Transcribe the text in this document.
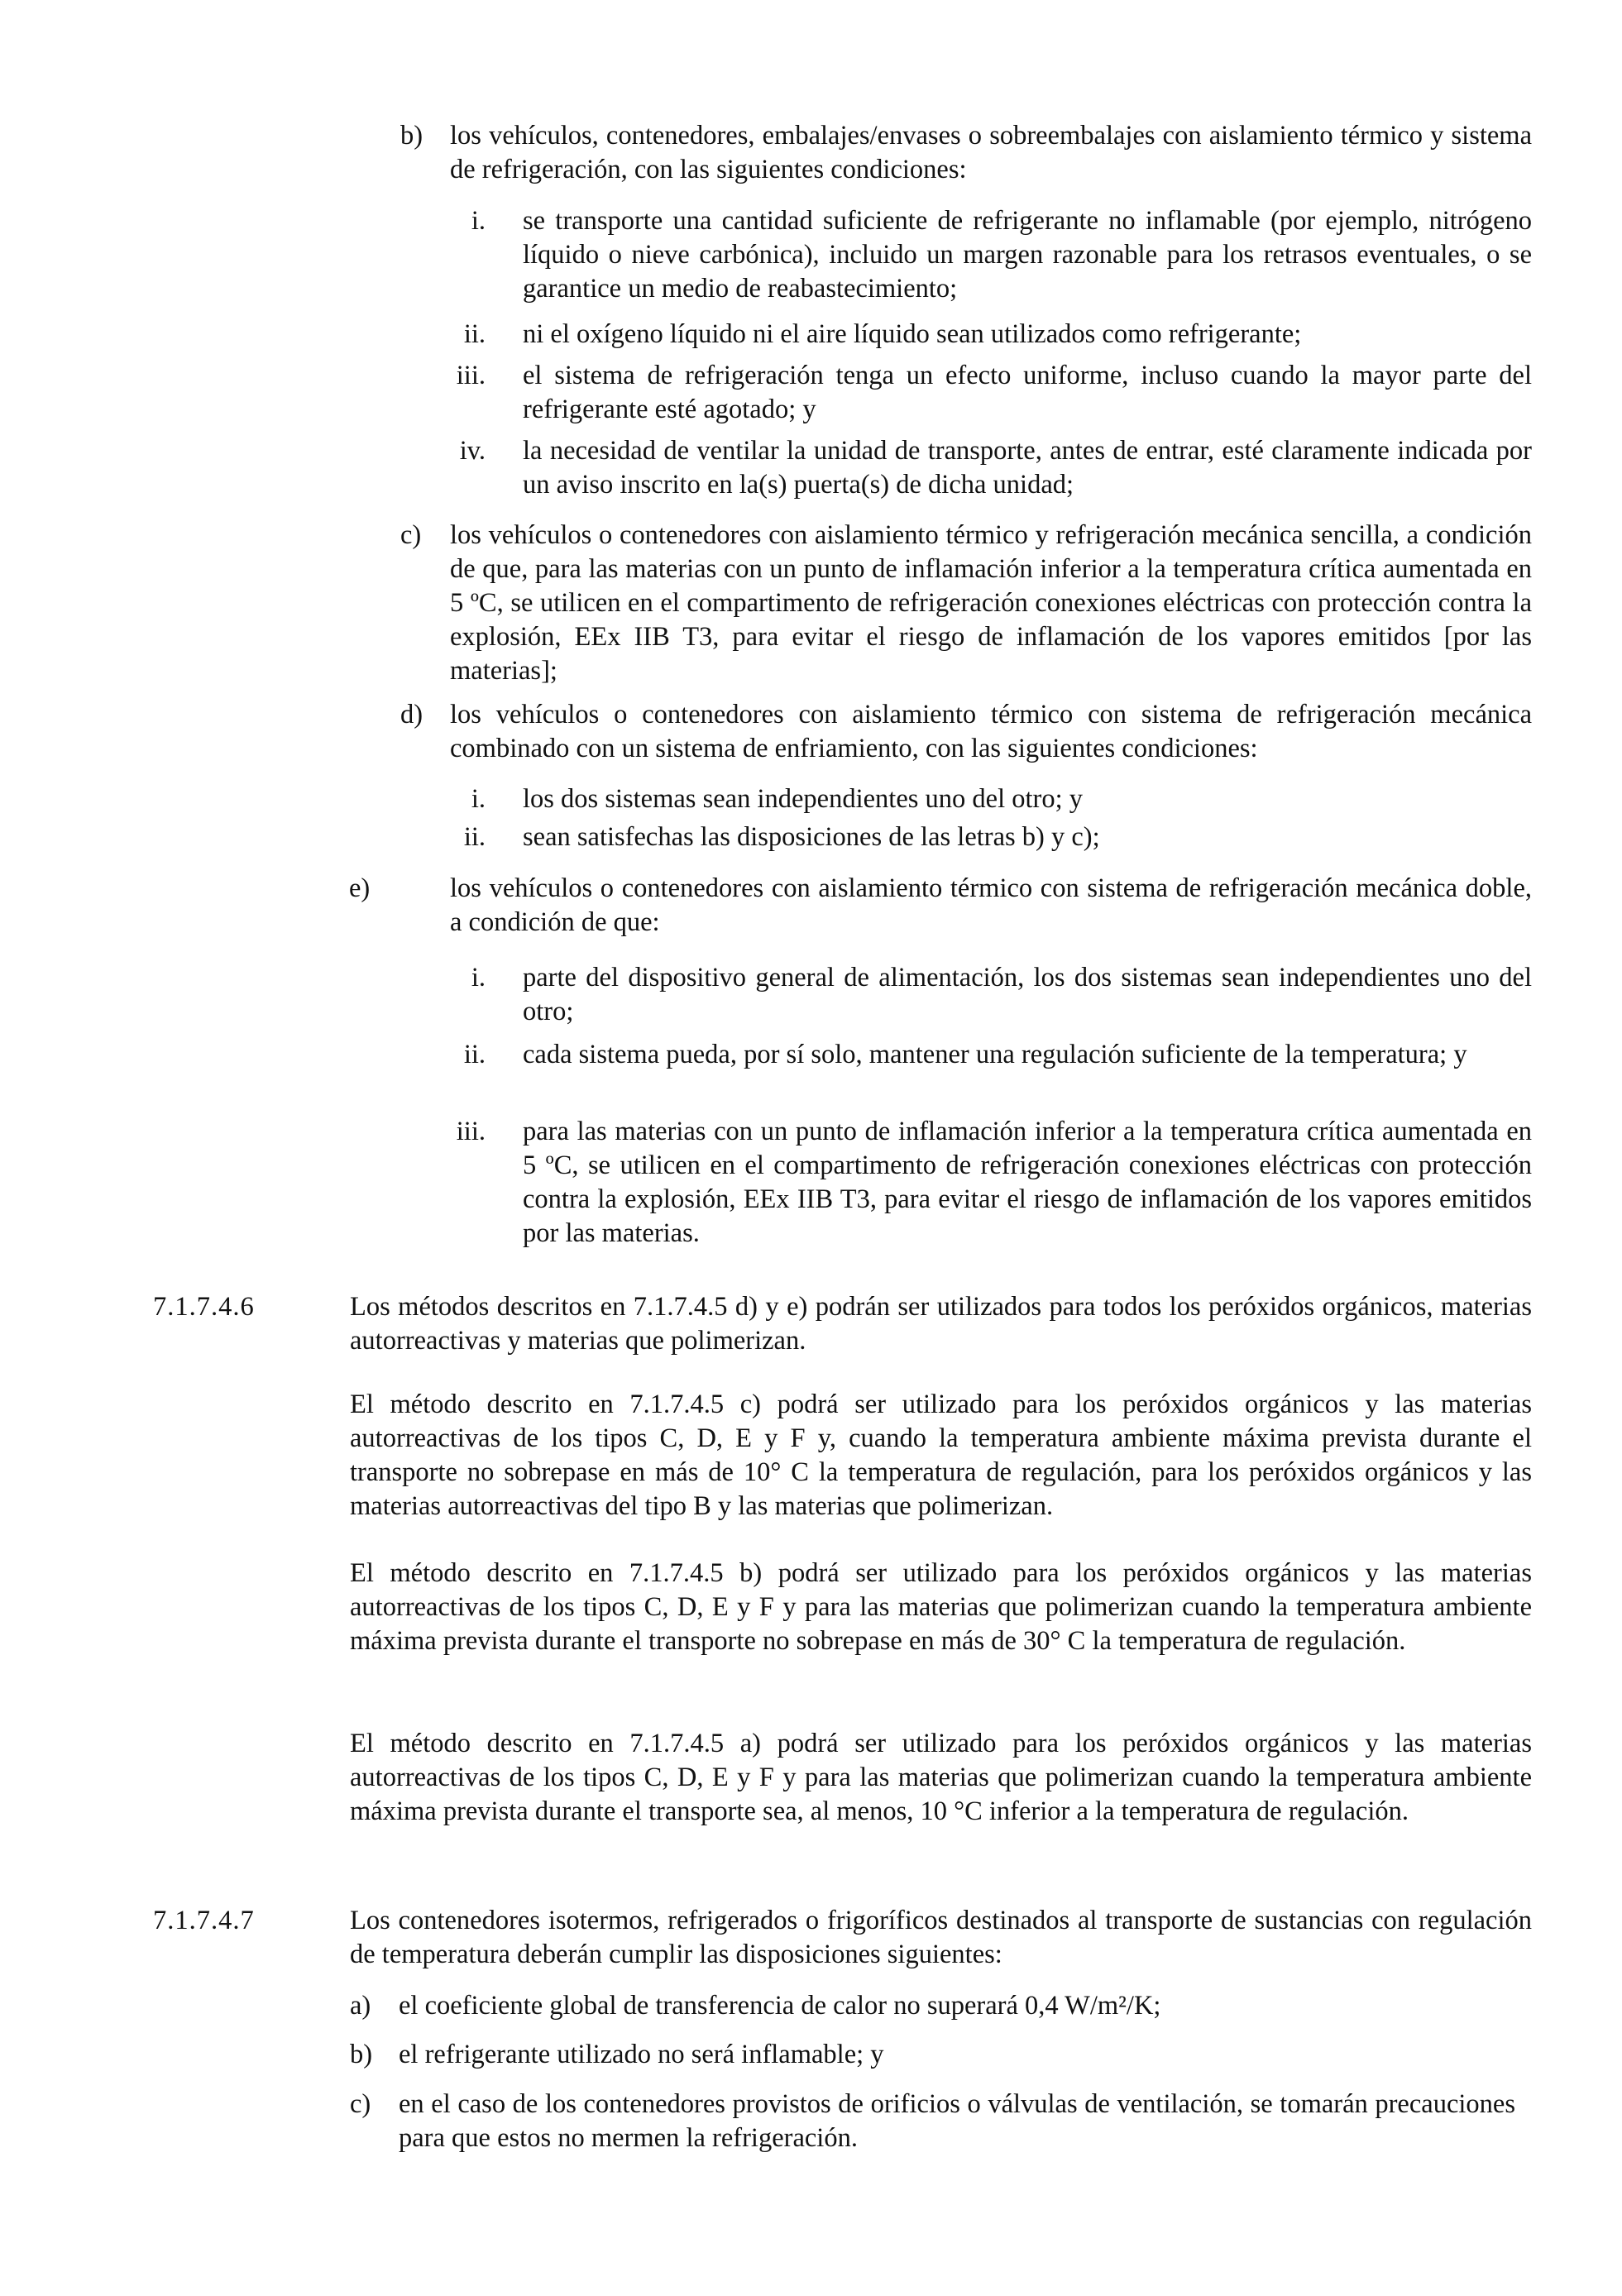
b) los vehículos, contenedores, embalajes/envases o sobreembalajes con aislamiento térmico y sistema de refrigeración, con las siguientes condiciones:
i. se transporte una cantidad suficiente de refrigerante no inflamable (por ejemplo, nitrógeno líquido o nieve carbónica), incluido un margen razonable para los retrasos eventuales, o se garantice un medio de reabastecimiento;
ii. ni el oxígeno líquido ni el aire líquido sean utilizados como refrigerante;
iii. el sistema de refrigeración tenga un efecto uniforme, incluso cuando la mayor parte del refrigerante esté agotado; y
iv. la necesidad de ventilar la unidad de transporte, antes de entrar, esté claramente indicada por un aviso inscrito en la(s) puerta(s) de dicha unidad;
c) los vehículos o contenedores con aislamiento térmico y refrigeración mecánica sencilla, a condición de que, para las materias con un punto de inflamación inferior a la temperatura crítica aumentada en 5 ºC, se utilicen en el compartimento de refrigeración conexiones eléctricas con protección contra la explosión, EEx IIB T3, para evitar el riesgo de inflamación de los vapores emitidos [por las materias];
d) los vehículos o contenedores con aislamiento térmico con sistema de refrigeración mecánica combinado con un sistema de enfriamiento, con las siguientes condiciones:
i. los dos sistemas sean independientes uno del otro; y
ii. sean satisfechas las disposiciones de las letras b) y c);
e)	los vehículos o contenedores con aislamiento térmico con sistema de refrigeración mecánica doble, a condición de que:
i. parte del dispositivo general de alimentación, los dos sistemas sean independientes uno del otro;
ii. cada sistema pueda, por sí solo, mantener una regulación suficiente de la temperatura; y
iii. para las materias con un punto de inflamación inferior a la temperatura crítica aumentada en 5 ºC, se utilicen en el compartimento de refrigeración conexiones eléctricas con protección contra la explosión, EEx IIB T3, para evitar el riesgo de inflamación de los vapores emitidos por las materias.
7.1.7.4.6	Los métodos descritos en 7.1.7.4.5 d) y e) podrán ser utilizados para todos los peróxidos orgánicos, materias autorreactivas y materias que polimerizan.
El método descrito en 7.1.7.4.5 c) podrá ser utilizado para los peróxidos orgánicos y las materias autorreactivas de los tipos C, D, E y F y, cuando la temperatura ambiente máxima prevista durante el transporte no sobrepase en más de 10° C la temperatura de regulación, para los peróxidos orgánicos y las materias autorreactivas del tipo B y las materias que polimerizan.
El método descrito en 7.1.7.4.5 b) podrá ser utilizado para los peróxidos orgánicos y las materias autorreactivas de los tipos C, D, E y F y para las materias que polimerizan cuando la temperatura ambiente máxima prevista durante el transporte no sobrepase en más de 30° C la temperatura de regulación.
El método descrito en 7.1.7.4.5 a) podrá ser utilizado para los peróxidos orgánicos y las materias autorreactivas de los tipos C, D, E y F y para las materias que polimerizan cuando la temperatura ambiente máxima prevista durante el transporte sea, al menos, 10 °C inferior a la temperatura de regulación.
7.1.7.4.7	Los contenedores isotermos, refrigerados o frigoríficos destinados al transporte de sustancias con regulación de temperatura deberán cumplir las disposiciones siguientes:
a) el coeficiente global de transferencia de calor no superará 0,4 W/m²/K;
b) el refrigerante utilizado no será inflamable; y
c) en el caso de los contenedores provistos de orificios o válvulas de ventilación, se tomarán precauciones para que estos no mermen la refrigeración.
